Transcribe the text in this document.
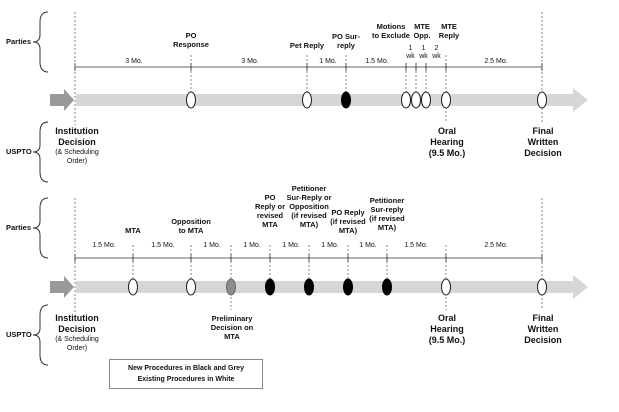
Parties
USPTO
PO
Response	Pet Reply
PO Sur-
reply
Motions
to Exclude
MTE
Opp.
MTE
Reply
3 Mo.	3 Mo.	1 Mo.	1.5 Mo.
1
wk
1
wk
2
wk
2.5 Mo.
Institution
Decision
(& Scheduling
Order)
Oral
Hearing
(9.5 Mo.)
Final
Written
Decision
Parties
USPTO
MTA
Opposition
to MTA
PO
Reply or
revised
MTA
Petitioner
Sur-Reply or
Opposition
(if revised
MTA)
PO Reply
(if revised
MTA)
Petitioner
Sur-reply
(if revised
MTA)
1.5 Mo.	1.5 Mo.	1 Mo.	1 Mo.	1 Mo.	1 Mo.	1 Mo.	1.5 Mo.	2.5 Mo.
Preliminary
Decision on
MTA
Institution
Decision
(& Scheduling
Order)
Oral
Hearing
(9.5 Mo.)
Final
Written
Decision
New Procedures in Black and Grey
Existing Procedures in White
